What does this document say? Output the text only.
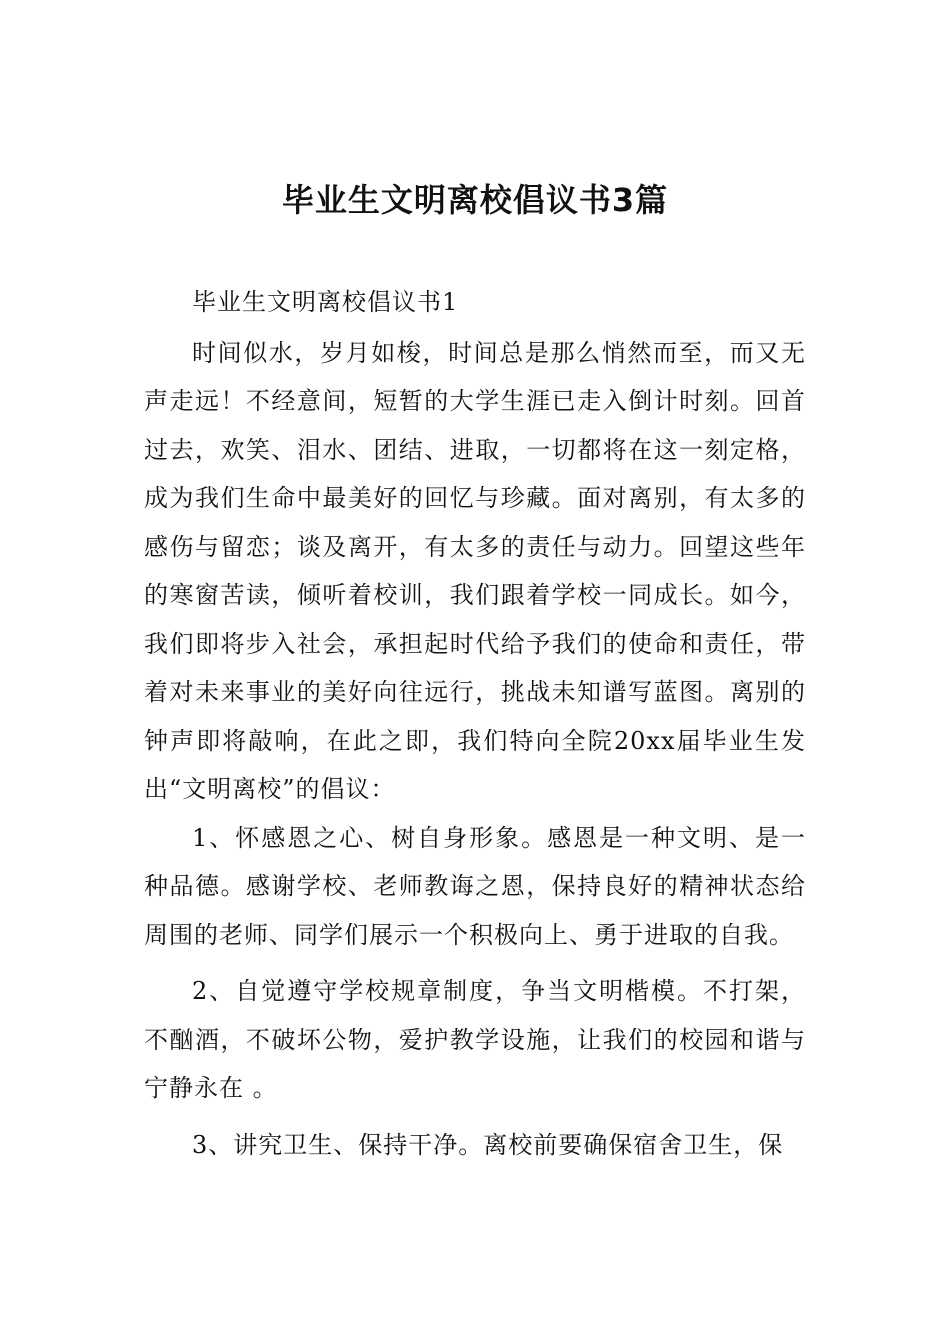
毕业生文明离校倡议书3篇

毕业生文明离校倡议书1

时间似水，岁月如梭，时间总是那么悄然而至，而又无声走远！不经意间，短暂的大学生涯已走入倒计时刻。回首过去，欢笑、泪水、团结、进取，一切都将在这一刻定格，成为我们生命中最美好的回忆与珍藏。面对离别，有太多的感伤与留恋；谈及离开，有太多的责任与动力。回望这些年的寒窗苦读，倾听着校训，我们跟着学校一同成长。如今，我们即将步入社会，承担起时代给予我们的使命和责任，带着对未来事业的美好向往远行，挑战未知谱写蓝图。离别的钟声即将敲响，在此之即，我们特向全院20xx届毕业生发出“文明离校”的倡议：

1、怀感恩之心、树自身形象。感恩是一种文明、是一种品德。感谢学校、老师教诲之恩，保持良好的精神状态给周围的老师、同学们展示一个积极向上、勇于进取的自我。

2、自觉遵守学校规章制度，争当文明楷模。不打架，不酗酒，不破坏公物，爱护教学设施，让我们的校园和谐与宁静永在 。

3、讲究卫生、保持干净。离校前要确保宿舍卫生，保
